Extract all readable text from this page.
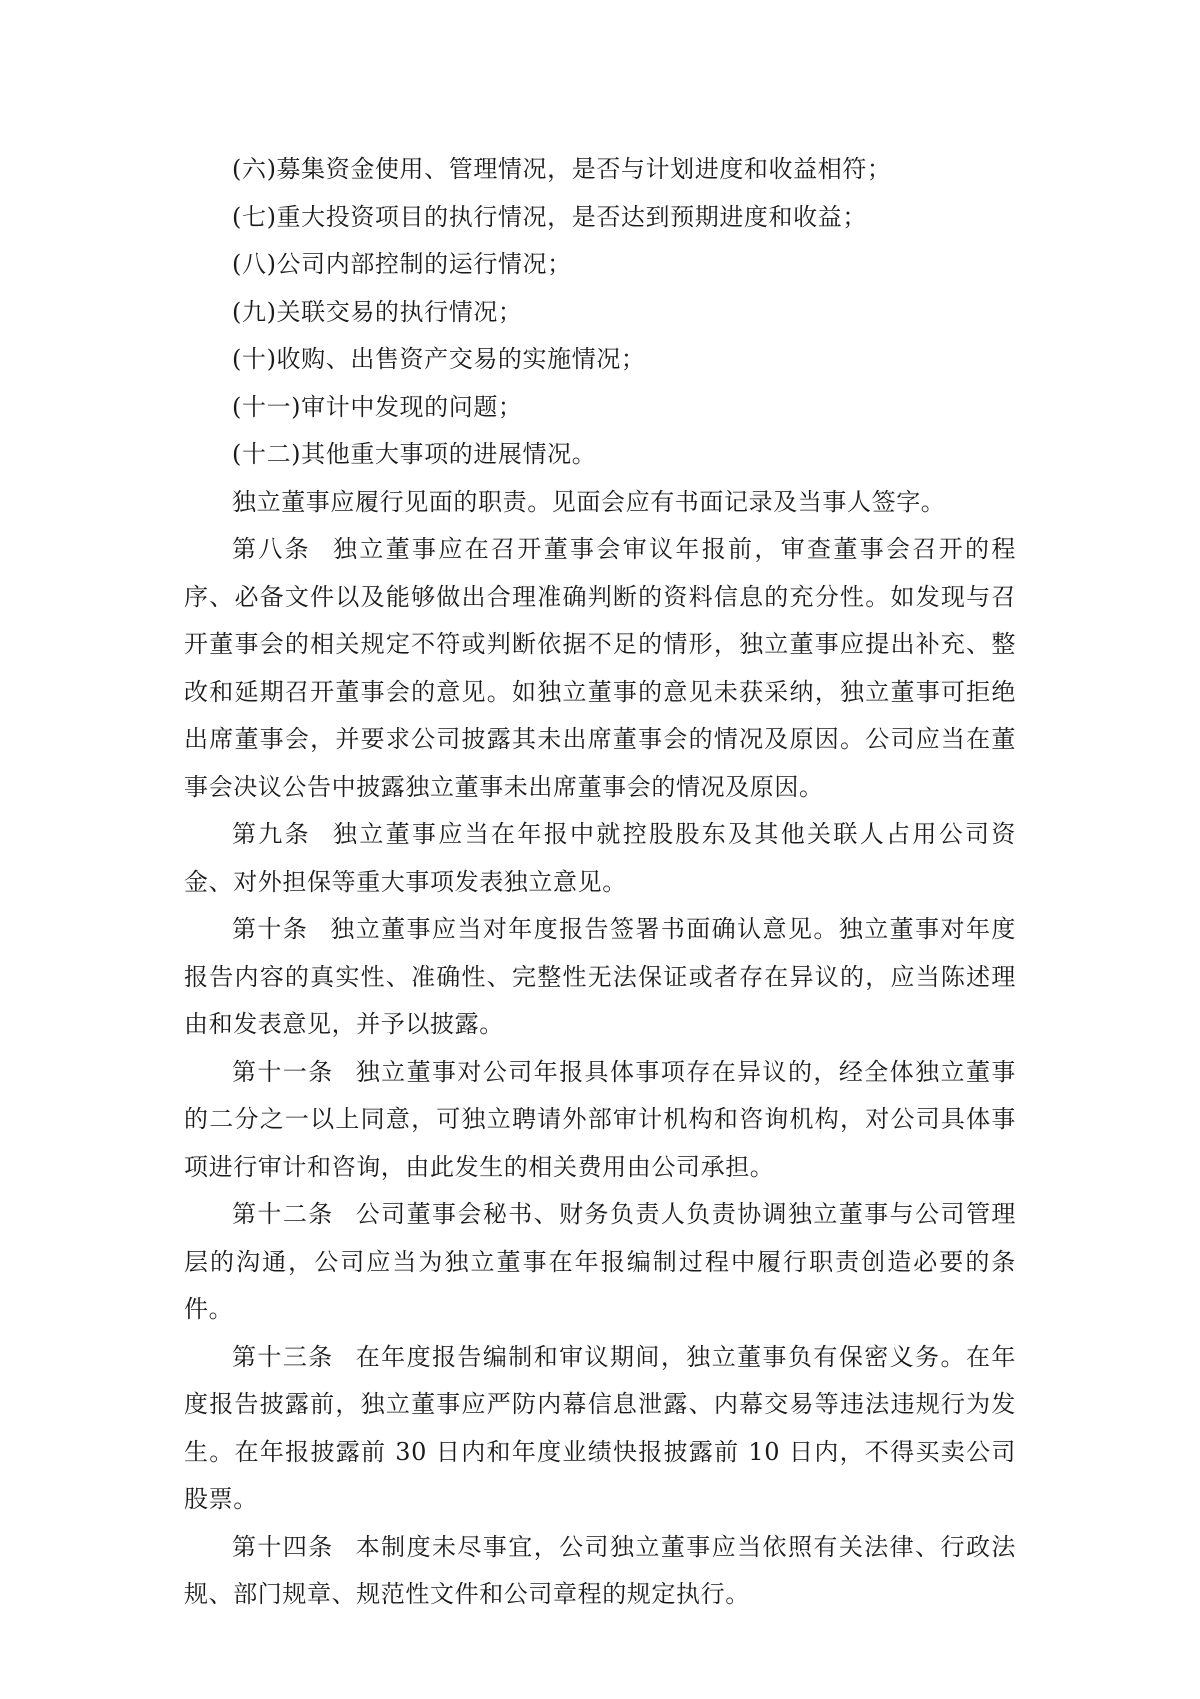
(六)募集资金使用、管理情况，是否与计划进度和收益相符；

(七)重大投资项目的执行情况，是否达到预期进度和收益；

(八)公司内部控制的运行情况；

(九)关联交易的执行情况；

(十)收购、出售资产交易的实施情况；

(十一)审计中发现的问题；

(十二)其他重大事项的进展情况。

独立董事应履行见面的职责。见面会应有书面记录及当事人签字。

第八条 独立董事应在召开董事会审议年报前，审查董事会召开的程序、必备文件以及能够做出合理准确判断的资料信息的充分性。如发现与召开董事会的相关规定不符或判断依据不足的情形，独立董事应提出补充、整改和延期召开董事会的意见。如独立董事的意见未获采纳，独立董事可拒绝出席董事会，并要求公司披露其未出席董事会的情况及原因。公司应当在董事会决议公告中披露独立董事未出席董事会的情况及原因。

第九条 独立董事应当在年报中就控股股东及其他关联人占用公司资金、对外担保等重大事项发表独立意见。

第十条 独立董事应当对年度报告签署书面确认意见。独立董事对年度报告内容的真实性、准确性、完整性无法保证或者存在异议的，应当陈述理由和发表意见，并予以披露。

第十一条 独立董事对公司年报具体事项存在异议的，经全体独立董事的二分之一以上同意，可独立聘请外部审计机构和咨询机构，对公司具体事项进行审计和咨询，由此发生的相关费用由公司承担。

第十二条 公司董事会秘书、财务负责人负责协调独立董事与公司管理层的沟通，公司应当为独立董事在年报编制过程中履行职责创造必要的条件。

第十三条 在年度报告编制和审议期间，独立董事负有保密义务。在年度报告披露前，独立董事应严防内幕信息泄露、内幕交易等违法违规行为发生。在年报披露前 30 日内和年度业绩快报披露前 10 日内，不得买卖公司股票。

第十四条 本制度未尽事宜，公司独立董事应当依照有关法律、行政法规、部门规章、规范性文件和公司章程的规定执行。
